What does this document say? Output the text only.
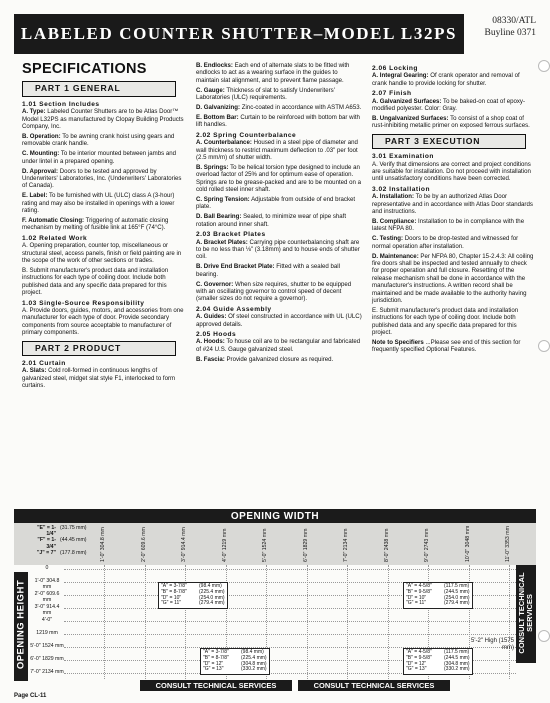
LABELED COUNTER SHUTTER–MODEL L32PS
08330/ATL
Buyline 0371
SPECIFICATIONS
PART 1 GENERAL
1.01 Section Includes

A. Type: Labeled Counter Shutters are to be Atlas Door™ Model L32PS as manufactured by Clopay Building Products Company, Inc.

B. Operation: To be awning crank hoist using gears and removable crank handle.

C. Mounting: To be interior mounted between jambs and under lintel in a prepared opening.

D. Approval: Doors to be tested and approved by Underwriters' Laboratories, Inc. (Underwriters' Laboratories of Canada).

E. Label: To be furnished with UL (ULC) class A (3-hour) rating and may also be installed in openings with a lower rating.

F. Automatic Closing: Triggering of automatic closing mechanism by melting of fusible link at 165°F (74°C).

1.02 Related Work

A. Opening preparation, counter top, miscellaneous or structural steel, access panels, finish or field painting are in the scope of the work of other sections or trades.

B. Submit manufacturer's product data and installation instructions for each type of coiling door. Include both published data and any specific data prepared for this project.

1.03 Single-Source Responsibility

A. Provide doors, guides, motors, and accessories from one manufacturer for each type of door. Provide secondary components from source acceptable to manufacturer of primary components.

PART 2 PRODUCT
2.01 Curtain

A. Slats: Cold roll-formed in continuous lengths of galvanized steel, midget slat style F1, interlocked to form curtains.

B. Endlocks: Each end of alternate slats to be fitted with endlocks to act as a wearing surface in the guides to maintain slat alignment, and to prevent flame passage.

C. Gauge: Thickness of slat to satisfy Underwriters' Laboratories (ULC) requirements.

D. Galvanizing: Zinc-coated in accordance with ASTM A653.

E. Bottom Bar: Curtain to be reinforced with bottom bar with lift handles.

2.02 Spring Counterbalance

A. Counterbalance: Housed in a steel pipe of diameter and wall thickness to restrict maximum deflection to .03" per foot (2.5 mm/m) of shutter width.

B. Springs: To be helical torsion type designed to include an overload factor of 25% and for optimum ease of operation. Springs are to be grease-packed and are to be mounted on a cold rolled steel inner shaft.

C. Spring Tension: Adjustable from outside of end bracket plate.

D. Ball Bearing: Sealed, to minimize wear of pipe shaft rotation around inner shaft.

2.03 Bracket Plates

A. Bracket Plates: Carrying pipe counterbalancing shaft are to be no less than ⅛" (3.18mm) and to house ends of shutter coil.

B. Drive End Bracket Plate: Fitted with a sealed ball bearing.

C. Governor: When size requires, shutter to be equipped with an oscillating governor to control speed of decent (smaller sizes do not require a governor).

2.04 Guide Assembly

A. Guides: Of steel constructed in accordance with UL (ULC) approved details.

2.05 Hoods

A. Hoods: To house coil are to be rectangular and fabricated of #24 U.S. Gauge galvanized steel.

B. Fascia: Provide galvanized closure as required.

2.06 Locking

A. Integral Gearing: Of crank operator and removal of crank handle to provide locking for shutter.

2.07 Finish

A. Galvanized Surfaces: To be baked-on coat of epoxy-modified polyester. Color: Gray.

B. Ungalvanized Surfaces: To consist of a shop coat of rust-inhibiting metallic primer on exposed ferrous surfaces.

PART 3 EXECUTION
3.01 Examination

A. Verify that dimensions are correct and project conditions are suitable for installation. Do not proceed with installation until unsatisfactory conditions have been corrected.

3.02 Installation

A. Installation: To be by an authorized Atlas Door representative and in accordance with Atlas Door standards and instructions.

B. Compliance: Installation to be in compliance with the latest NFPA 80.

C. Testing: Doors to be drop-tested and witnessed for normal operation after installation.

D. Maintenance: Per NFPA 80, Chapter 15-2.4.3: All coiling fire doors shall be inspected and tested annually to check for proper operation and full closure. Resetting of the release mechanism shall be done in accordance with the manufacturer's instructions. A written record shall be maintained and be made available to the authority having jurisdiction.

E. Submit manufacturer's product data and installation instructions for each type of coiling door. Include both published data and any specific data prepared for this project.

Note to Specifiers ...Please see end of this section for frequently specified Optional Features.

OPENING WIDTH
"E" = 1-1/4"
(31.75 mm)
"F" = 1-3/4"
(44.45 mm)
"J" = 7" (177.8 mm)	1'-0" 304.8 mm	2'-0" 609.6 mm	3'-0" 914.4 mm	4'-0" 1219 mm	5'-0" 1524 mm	6'-0" 1829 mm	7'-0" 2134 mm	8'-0" 2438 mm	9'-0" 2743 mm	10'-0" 3048 mm	11'-0" 3353 mm
0
1'-0" 304.8 mm
2'-0" 609.6 mm
3'-0" 914.4 mm
4'-0"
1219 mm
5'-0" 1524 mm
6'-0" 1829 mm
7'-0" 2134 mm
OPENING HEIGHT	"A" = 3-7/8"	(98.4 mm)
"B" = 8-7/8"	(225.4 mm)
"D" = 10"	(254.0 mm)
"G" = 11"	(279.4 mm)
"A" = 4-5/8"	(117.5 mm)
"B" = 9-5/8"	(244.5 mm)
"D" = 10"	(254.0 mm)
"G" = 11"	(279.4 mm)
"A" = 3-7/8"	(98.4 mm)
"B" = 8-7/8"	(225.4 mm)
"D" = 12"	(304.8 mm)
"G" = 13"	(330.2 mm)
"A" = 4-5/8"	(117.5 mm)
"B" = 9-5/8"	(244.5 mm)
"D" = 12"	(304.8 mm)
"G" = 13"	(330.2 mm)
CONSULT TECHNICAL SERVICES
5'-2" High (1575 mm)
CONSULT TECHNICAL SERVICES	CONSULT TECHNICAL SERVICES
Page CL-11
